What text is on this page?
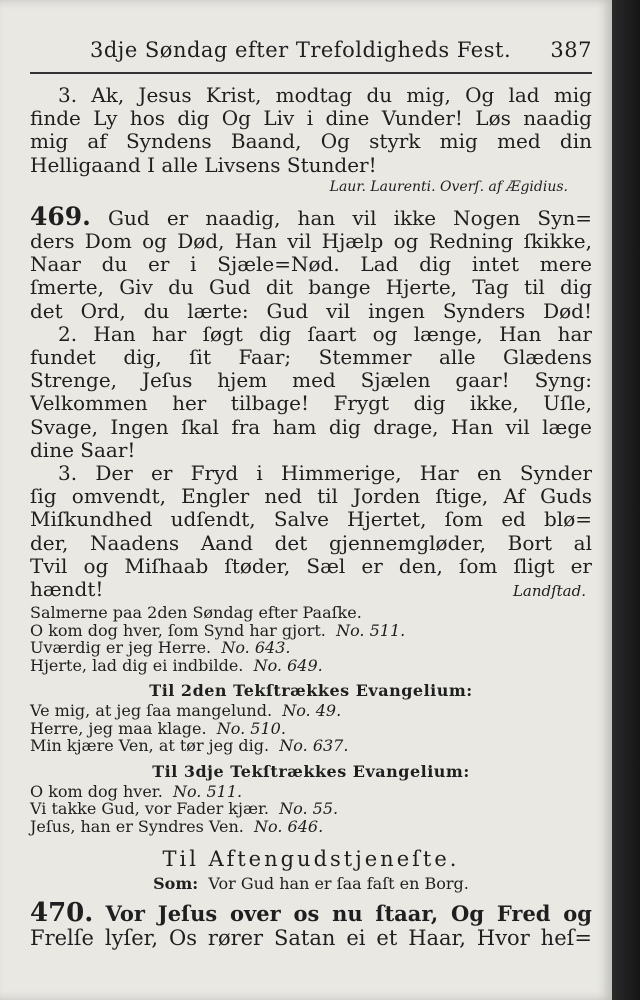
3dje Søndag efter Trefoldigheds Fest. 387
3. Ak, Jesus Krist, modtag du mig, Og lad mig
finde Ly hos dig Og Liv i dine Vunder! Løs naadig
mig af Syndens Baand, Og styrk mig med din
Helligaand I alle Livsens Stunder!
Laur. Laurenti. Overſ. af Ægidius.
469. Gud er naadig, han vil ikke Nogen Syn=
ders Dom og Død, Han vil Hjælp og Redning ſkikke,
Naar du er i Sjæle=Nød. Lad dig intet mere
ſmerte, Giv du Gud dit bange Hjerte, Tag til dig
det Ord, du lærte: Gud vil ingen Synders Død!
2. Han har ſøgt dig ſaart og længe, Han har
fundet dig, ſit Faar; Stemmer alle Glædens
Strenge, Jeſus hjem med Sjælen gaar! Syng:
Velkommen her tilbage! Frygt dig ikke, Uſle,
Svage, Ingen ſkal fra ham dig drage, Han vil læge
dine Saar!
3. Der er Fryd i Himmerige, Har en Synder
ſig omvendt, Engler ned til Jorden ſtige, Af Guds
Miſkundhed udſendt, Salve Hjertet, ſom ed blø=
der, Naadens Aand det gjennemgløder, Bort al
Tvil og Miſhaab ſtøder, Sæl er den, ſom ſligt er
hændt!	Landſtad.
Salmerne paa 2den Søndag efter Paaſke.
O kom dog hver, ſom Synd har gjort. No. 511.
Uværdig er jeg Herre. No. 643.
Hjerte, lad dig ei indbilde. No. 649.
Til 2den Tekſtrækkes Evangelium:
Ve mig, at jeg ſaa mangelund. No. 49.
Herre, jeg maa klage. No. 510.
Min kjære Ven, at tør jeg dig. No. 637.
Til 3dje Tekſtrækkes Evangelium:
O kom dog hver. No. 511.
Vi takke Gud, vor Fader kjær. No. 55.
Jeſus, han er Syndres Ven. No. 646.
Til Aftengudstjeneſte.
Som: Vor Gud han er ſaa faſt en Borg.
470. Vor Jeſus over os nu ſtaar, Og Fred og
Frelſe lyſer, Os rører Satan ei et Haar, Hvor heſ=
